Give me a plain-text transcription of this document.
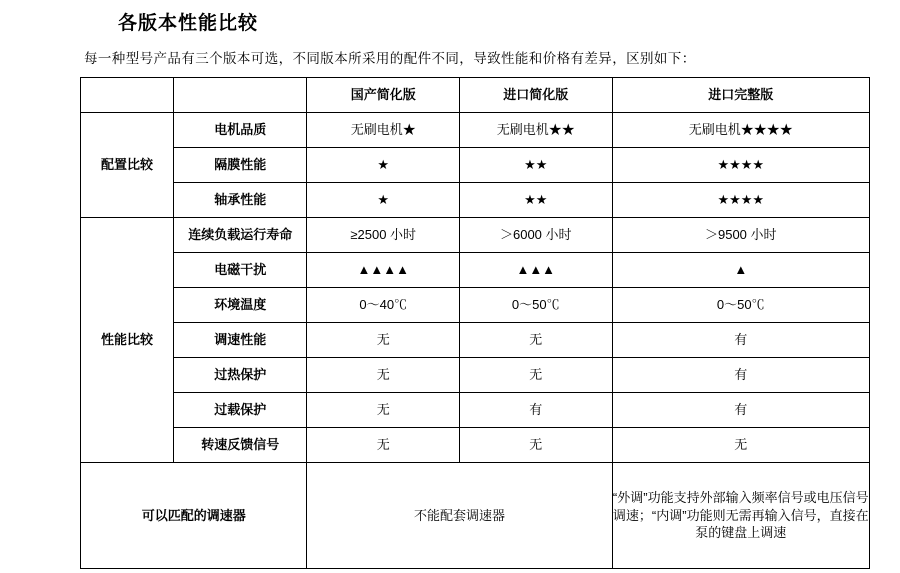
各版本性能比较
每一种型号产品有三个版本可选，不同版本所采用的配件不同，导致性能和价格有差异，区别如下：
		国产简化版	进口简化版	进口完整版
配置比较	电机品质	无刷电机★	无刷电机★★	无刷电机★★★★
	隔膜性能	★	★★	★★★★
	轴承性能	★	★★	★★★★
性能比较	连续负载运行寿命	≥2500 小时	＞6000 小时	＞9500 小时
	电磁干扰	▲▲▲▲	▲▲▲	▲
	环境温度	0〜40℃	0〜50℃	0〜50℃
	调速性能	无	无	有
	过热保护	无	无	有
	过载保护	无	有	有
	转速反馈信号	无	无	无
可以匹配的调速器		不能配套调速器		“外调”功能支持外部输入频率信号或电压信号调速；“内调”功能则无需再输入信号，直接在泵的键盘上调速
